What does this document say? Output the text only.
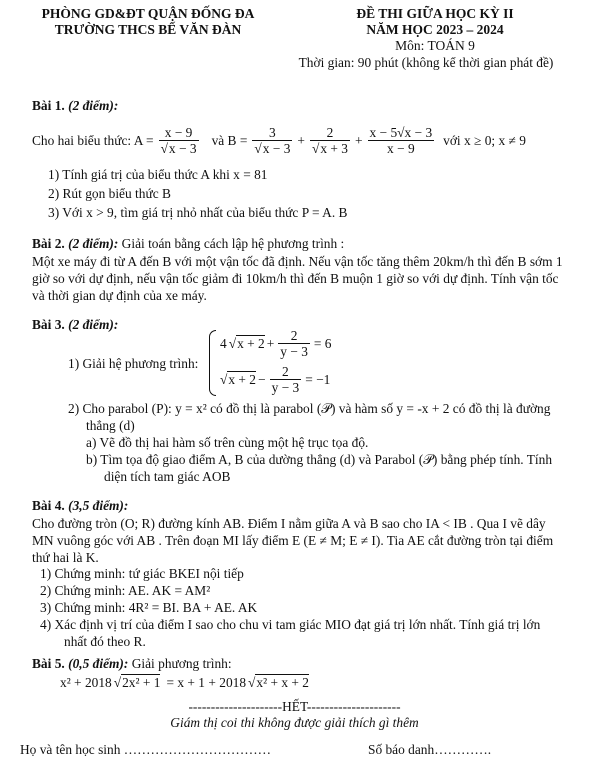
PHÒNG GD&ĐT QUẬN ĐỐNG ĐA
TRƯỜNG THCS BẾ VĂN ĐÀN
ĐỀ THI GIỮA HỌC KỲ II
NĂM HỌC 2023 – 2024
Môn: TOÁN 9
Thời gian: 90 phút (không kể thời gian phát đề)
Bài 1. (2 điểm):
Cho hai biểu thức: A = x − 9
√ x − 3 và B = 3
√ x − 3 + 2
√ $x + 3 + \frac{x - 5√x - 3}{x - 9}$ với x ≥ 0; x ≠ 9
1) Tính giá trị của biểu thức A khi x = 81
2) Rút gọn biểu thức B
3) Với x > 9, tìm giá trị nhỏ nhất của biểu thức P = A. B
Bài 2. (2 điểm): Giải toán bằng cách lập hệ phương trình :

Một xe máy đi từ A đến B với một vận tốc đã định. Nếu vận tốc tăng thêm 20km/h thì đến B sớm 1 giờ so với dự định, nếu vận tốc giảm đi 10km/h thì đến B muộn 1 giờ so với dự định. Tính vận tốc và thời gian dự định của xe máy.

Bài 3. (2 điểm):
1) Giải hệ phương trình:
4 √ $x + 2 + \frac{2}{y - 3} = 6$
√ $x + 2 - \frac{2}{y - 3} = -1$
2) Cho parabol (P): y = x² có đồ thị là parabol (𝒫) và hàm số y = -x + 2 có đồ thị là đường
thẳng (d)
a) Vẽ đồ thị hai hàm số trên cùng một hệ trục tọa độ.
b) Tìm tọa độ giao điểm A, B của dường thẳng (d) và Parabol (𝒫) bằng phép tính. Tính
diện tích tam giác AOB
Bài 4. (3,5 điểm):

Cho đường tròn (O; R) đường kính AB. Điểm I nằm giữa A và B sao cho IA < IB . Qua I vẽ dây MN vuông góc với AB . Trên đoạn MI lấy điểm E (E ≠ M; E ≠ I). Tia AE cắt đường tròn tại điểm thứ hai là K.

1) Chứng minh: tứ giác BKEI nội tiếp
2) Chứng minh: AE. AK = AM²
3) Chứng minh: 4R² = BI. BA + AE. AK
4) Xác định vị trí của điểm I sao cho chu vi tam giác MIO đạt giá trị lớn nhất. Tính giá trị lớn
nhất đó theo R.
Bài 5. (0,5 điểm): Giải phương trình:
x² + 2018 √ 2x² + 1 = x + 1 + 2018 √ x² + x + 2
---------------------HẾT---------------------
Giám thị coi thi không được giải thích gì thêm
Họ và tên học sinh ……………………………	Số báo danh………….
